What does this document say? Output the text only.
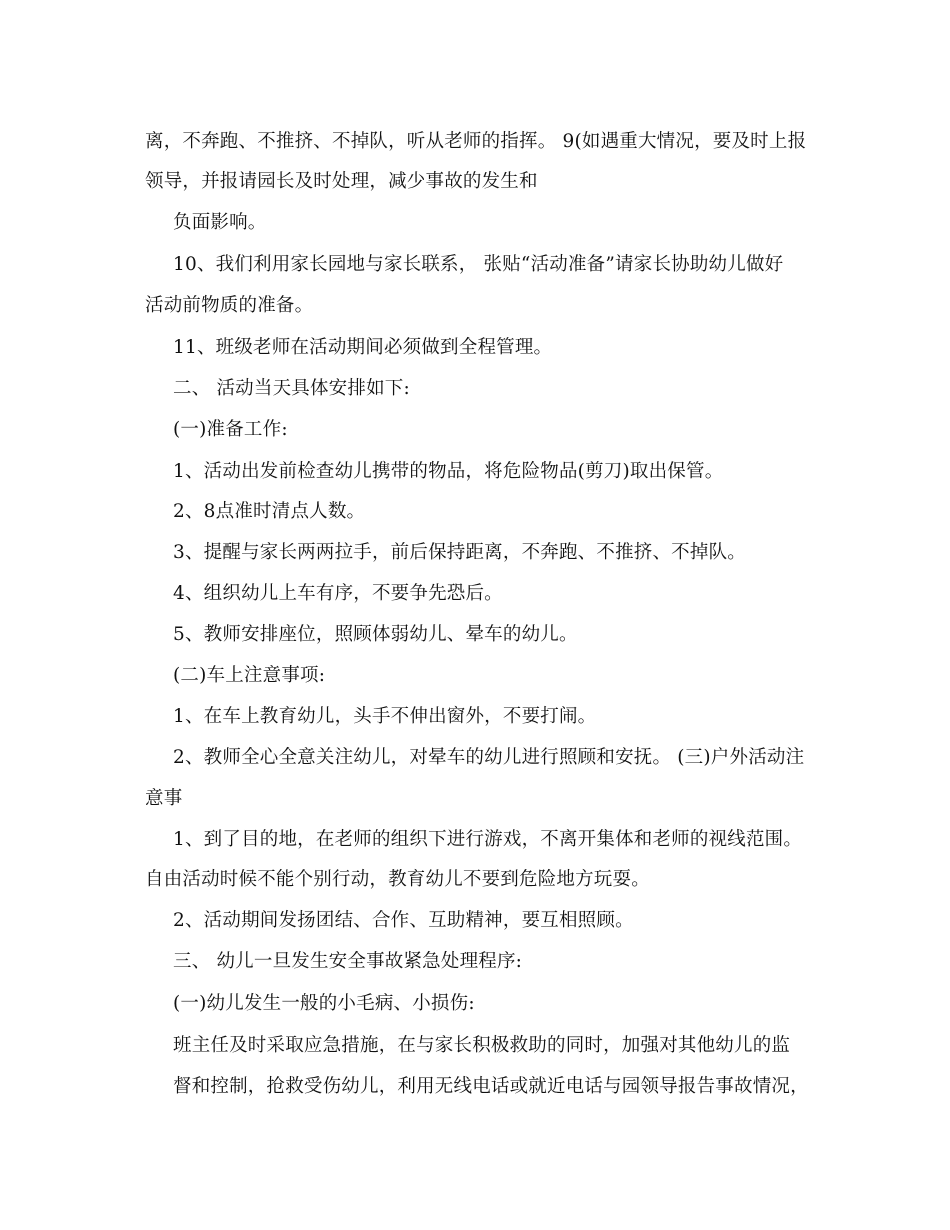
离，不奔跑、不推挤、不掉队，听从老师的指挥。 9(如遇重大情况，要及时上报
领导，并报请园长及时处理，减少事故的发生和
负面影响。
10、我们利用家长园地与家长联系， 张贴“活动准备”请家长协助幼儿做好
活动前物质的准备。
11、班级老师在活动期间必须做到全程管理。
二、 活动当天具体安排如下:
(一)准备工作:
1、活动出发前检查幼儿携带的物品，将危险物品(剪刀)取出保管。
2、8点准时清点人数。
3、提醒与家长两两拉手，前后保持距离，不奔跑、不推挤、不掉队。
4、组织幼儿上车有序，不要争先恐后。
5、教师安排座位，照顾体弱幼儿、晕车的幼儿。
(二)车上注意事项:
1、在车上教育幼儿，头手不伸出窗外，不要打闹。
2、教师全心全意关注幼儿，对晕车的幼儿进行照顾和安抚。 (三)户外活动注
意事
1、到了目的地，在老师的组织下进行游戏，不离开集体和老师的视线范围。
自由活动时候不能个别行动，教育幼儿不要到危险地方玩耍。
2、活动期间发扬团结、合作、互助精神，要互相照顾。
三、 幼儿一旦发生安全事故紧急处理程序:
(一)幼儿发生一般的小毛病、小损伤:
班主任及时采取应急措施，在与家长积极救助的同时，加强对其他幼儿的监
督和控制，抢救受伤幼儿，利用无线电话或就近电话与园领导报告事故情况，
